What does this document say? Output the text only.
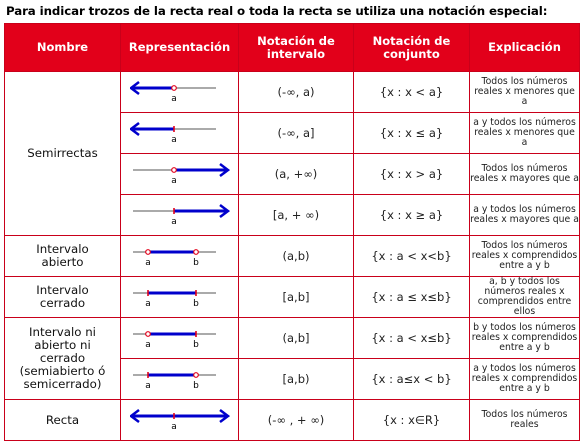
Para indicar trozos de la recta real o toda la recta se utiliza una notación especial:
Nombre	Representación	Notación de intervalo	Notación de conjunto	Explicación
Semirrectas	a	(-∞, a)	{x : x < a}	Todos los números reales x menores que a

a	(-∞, a]	{x : x ≤ a}	a y todos los números reales x menores que a

a	(a, +∞)	{x : x > a}	Todos los números reales x mayores que a

a	[a, + ∞)	{x : x ≥ a}	a y todos los números reales x mayores que a
Intervalo abierto	a b	(a,b)	{x : a < x<b}	Todos los números reales x comprendidos entre a y b
Intervalo cerrado	a b	[a,b]	{x : a ≤ x≤b}	a, b y todos los números reales x comprendidos entre ellos
Intervalo ni abierto ni cerrado (semiabierto ó semicerrado)	a b	(a,b]	{x : a < x≤b}	b y todos los números reales x comprendidos entre a y b

a b	[a,b)	{x : a≤x < b}	a y todos los números reales x comprendidos entre a y b
Recta	a	(-∞ , + ∞)	{x : x∈R}	Todos los números reales
